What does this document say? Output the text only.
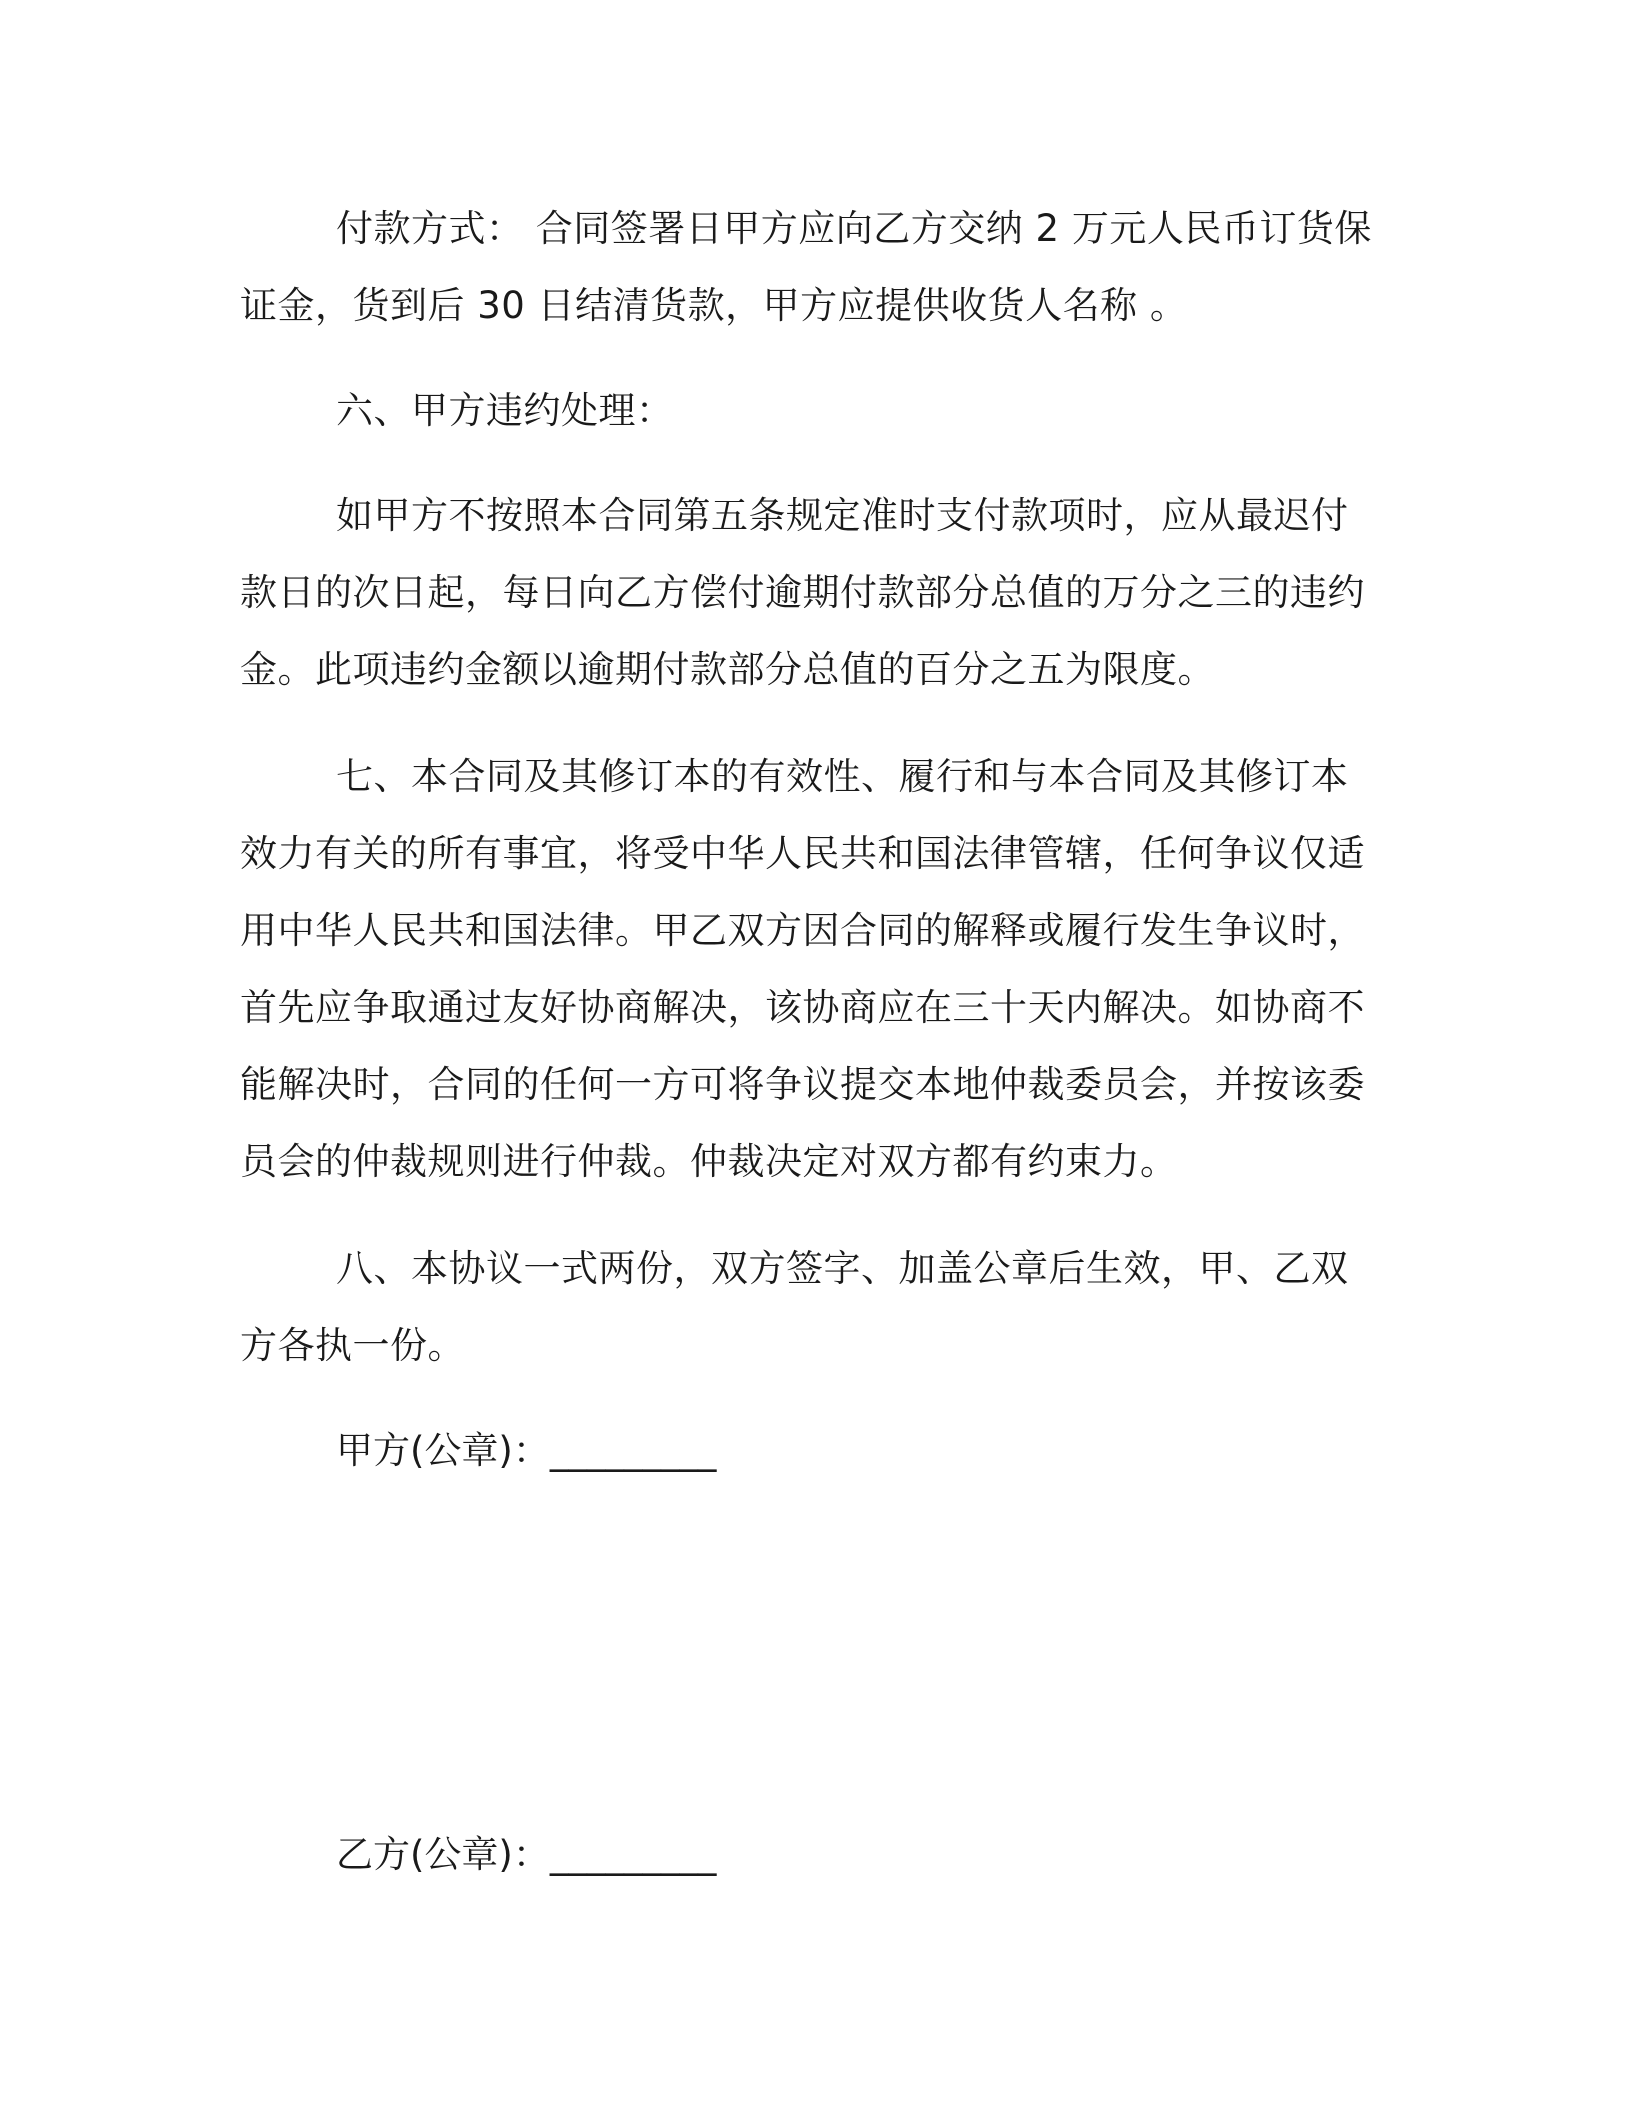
付款方式： 合同签署日甲方应向乙方交纳 2 万元人民币订货保证金，货到后 30 日结清货款，甲方应提供收货人名称 。

六、甲方违约处理：

如甲方不按照本合同第五条规定准时支付款项时，应从最迟付款日的次日起，每日向乙方偿付逾期付款部分总值的万分之三的违约金。此项违约金额以逾期付款部分总值的百分之五为限度。

七、本合同及其修订本的有效性、履行和与本合同及其修订本效力有关的所有事宜，将受中华人民共和国法律管辖，任何争议仅适用中华人民共和国法律。甲乙双方因合同的解释或履行发生争议时，首先应争取通过友好协商解决，该协商应在三十天内解决。如协商不能解决时，合同的任何一方可将争议提交本地仲裁委员会，并按该委员会的仲裁规则进行仲裁。仲裁决定对双方都有约束力。

八、本协议一式两份，双方签字、加盖公章后生效，甲、乙双方各执一份。

甲方(公章)：_________

乙方(公章)：_________
